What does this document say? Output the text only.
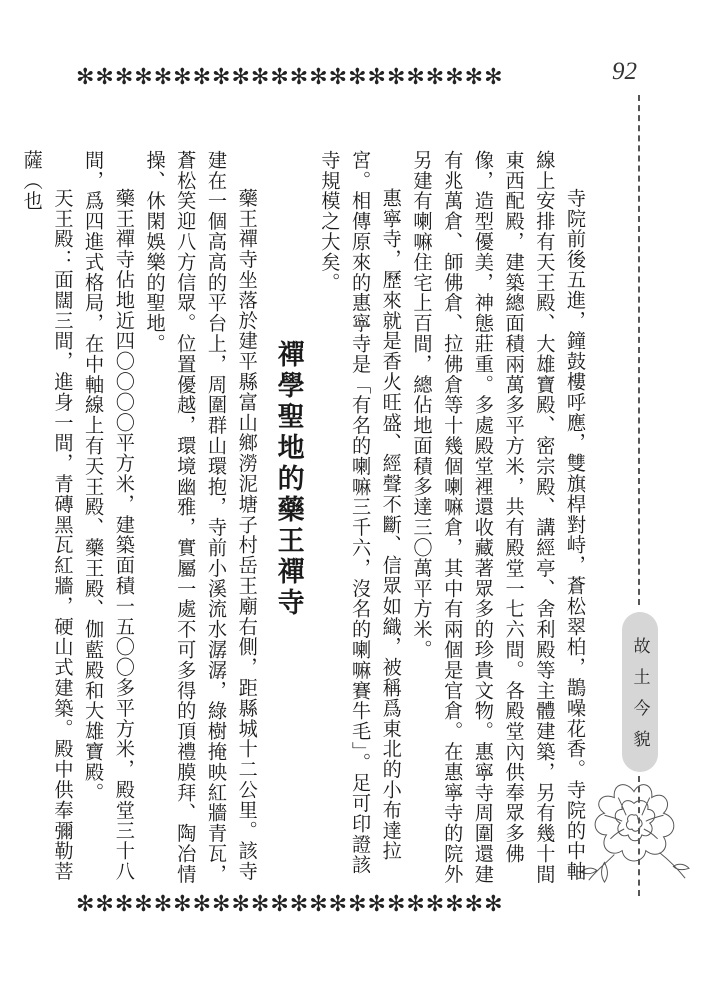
92
✻✻✻✻✻✻✻✻✻✻✻✻✻✻✻✻✻✻✻✻✻✻
✻✻✻✻✻✻✻✻✻✻✻✻✻✻✻✻✻✻✻✻✻✻
故土今貌

寺院前後五進，鐘鼓樓呼應，雙旗桿對峙，蒼松翠柏，鵲噪花香。寺院的中軸線上安排有天王殿、大雄寶殿、密宗殿、講經亭、舍利殿等主體建築，另有幾十間東西配殿，建築總面積兩萬多平方米，共有殿堂一七六間。各殿堂內供奉眾多佛像，造型優美，神態莊重。多處殿堂裡還收藏著眾多的珍貴文物。惠寧寺周圍還建有兆萬倉、師佛倉、拉佛倉等十幾個喇嘛倉，其中有兩個是官倉。在惠寧寺的院外另建有喇嘛住宅上百間，總佔地面積多達三〇萬平方米。

惠寧寺，歷來就是香火旺盛、經聲不斷、信眾如織，被稱爲東北的小布達拉宮。相傳原來的惠寧寺是「有名的喇嘛三千六，沒名的喇嘛賽牛毛」。足可印證該寺規模之大矣。

禪學聖地的藥王禪寺

藥王禪寺坐落於建平縣富山鄉澇泥塘子村岳王廟右側，距縣城十二公里。該寺建在一個高高的平台上，周圍群山環抱，寺前小溪流水潺潺，綠樹掩映紅牆青瓦，蒼松笑迎八方信眾。位置優越，環境幽雅，實屬一處不可多得的頂禮膜拜、陶冶情操、休閑娛樂的聖地。

藥王禪寺佔地近四〇〇〇〇平方米，建築面積一五〇〇多平方米，殿堂三十八間，爲四進式格局，在中軸線上有天王殿、藥王殿、伽藍殿和大雄寶殿。

天王殿：面闊三間，進身一間，青磚黑瓦紅牆，硬山式建築。殿中供奉彌勒菩薩（也
